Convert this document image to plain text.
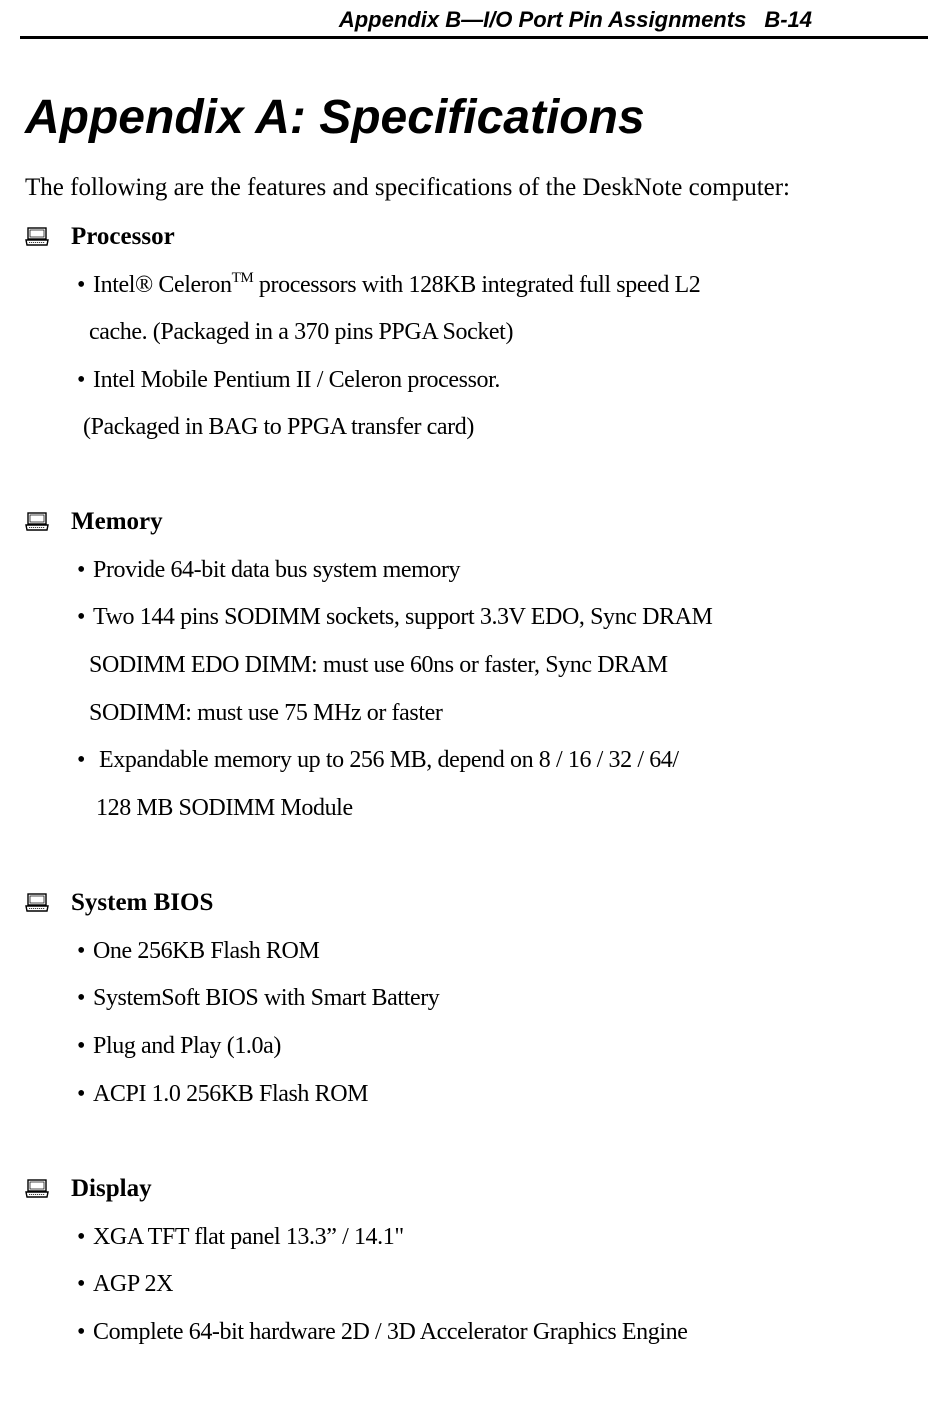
Appendix B—I/O Port Pin Assignments B-14
Appendix A: Specifications

The following are the features and specifications of the DeskNote computer:

Processor
• Intel® Celeron™ processors with 128KB integrated full speed L2
cache. (Packaged in a 370 pins PPGA Socket)
• Intel Mobile Pentium II / Celeron processor.
(Packaged in BAG to PPGA transfer card)
Memory
• Provide 64-bit data bus system memory
• Two 144 pins SODIMM sockets, support 3.3V EDO, Sync DRAM
SODIMM EDO DIMM: must use 60ns or faster, Sync DRAM
SODIMM: must use 75 MHz or faster
• Expandable memory up to 256 MB, depend on 8 / 16 / 32 / 64/
128 MB SODIMM Module
System BIOS
• One 256KB Flash ROM
• SystemSoft BIOS with Smart Battery
• Plug and Play (1.0a)
• ACPI 1.0 256KB Flash ROM
Display
• XGA TFT flat panel 13.3” / 14.1"
• AGP 2X
• Complete 64-bit hardware 2D / 3D Accelerator Graphics Engine
